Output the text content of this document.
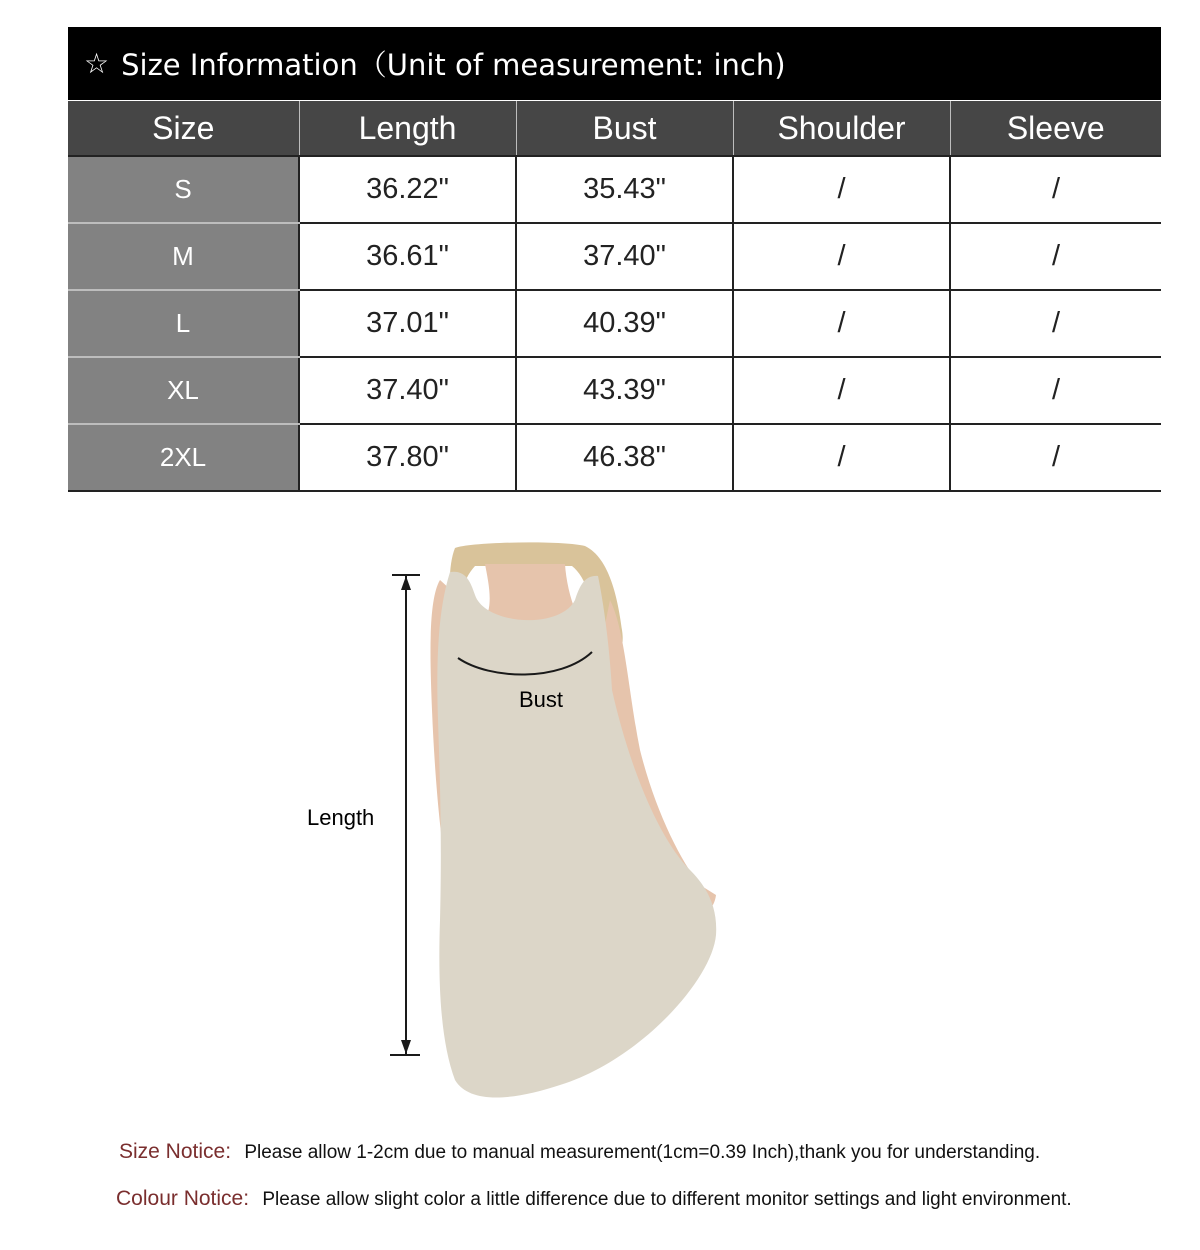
☆ Size Information（Unit of measurement: inch)
Size	Length	Bust	Shoulder	Sleeve
S	36.22"	35.43"	/	/
M	36.61"	37.40"	/	/
L	37.01"	40.39"	/	/
XL	37.40"	43.39"	/	/
2XL	37.80"	46.38"	/	/
Bust
Length
Size Notice: Please allow 1-2cm due to manual measurement(1cm=0.39 Inch),thank you for understanding.
Colour Notice: Please allow slight color a little difference due to different monitor settings and light environment.
